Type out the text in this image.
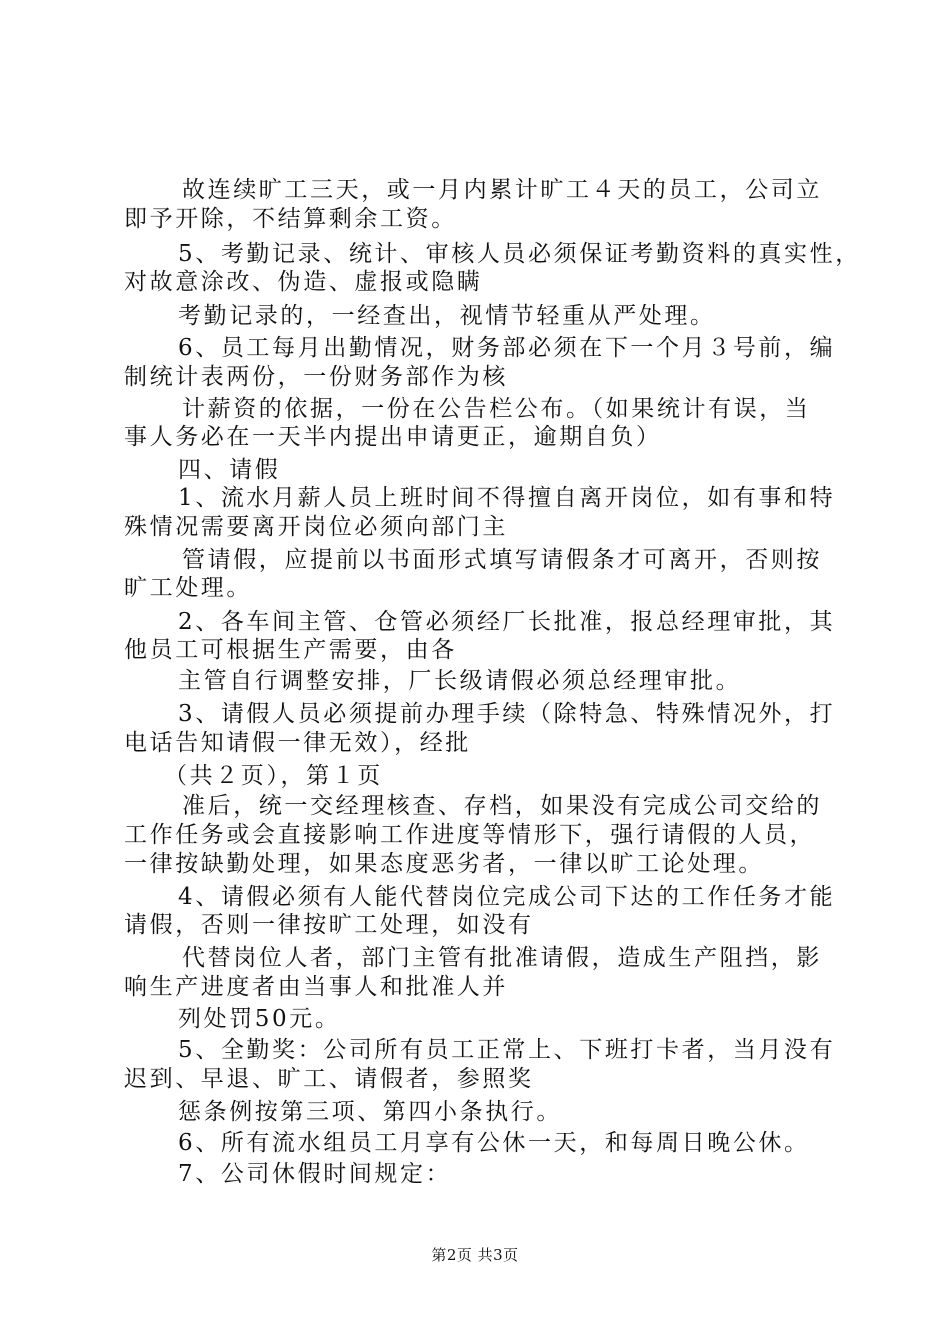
故连续旷工三天，或一月内累计旷工４天的员工，公司立
即予开除，不结算剩余工资。
5、考勤记录、统计、审核人员必须保证考勤资料的真实性，
对故意涂改、伪造、虚报或隐瞒
考勤记录的，一经查出，视情节轻重从严处理。
6、员工每月出勤情况，财务部必须在下一个月３号前，编
制统计表两份，一份财务部作为核
计薪资的依据，一份在公告栏公布。（如果统计有误，当
事人务必在一天半内提出申请更正，逾期自负）
四、请假
1、流水月薪人员上班时间不得擅自离开岗位，如有事和特
殊情况需要离开岗位必须向部门主
管请假，应提前以书面形式填写请假条才可离开，否则按
旷工处理。
2、各车间主管、仓管必须经厂长批准，报总经理审批，其
他员工可根据生产需要，由各
主管自行调整安排，厂长级请假必须总经理审批。
3、请假人员必须提前办理手续（除特急、特殊情况外，打
电话告知请假一律无效），经批
（共２页），第１页
准后，统一交经理核查、存档，如果没有完成公司交给的
工作任务或会直接影响工作进度等情形下，强行请假的人员，
一律按缺勤处理，如果态度恶劣者，一律以旷工论处理。
4、请假必须有人能代替岗位完成公司下达的工作任务才能
请假，否则一律按旷工处理，如没有
代替岗位人者，部门主管有批准请假，造成生产阻挡，影
响生产进度者由当事人和批准人并
列处罚50元。
5、全勤奖：公司所有员工正常上、下班打卡者，当月没有
迟到、早退、旷工、请假者，参照奖
惩条例按第三项、第四小条执行。
6、所有流水组员工月享有公休一天，和每周日晚公休。
7、公司休假时间规定：
第2页 共3页
